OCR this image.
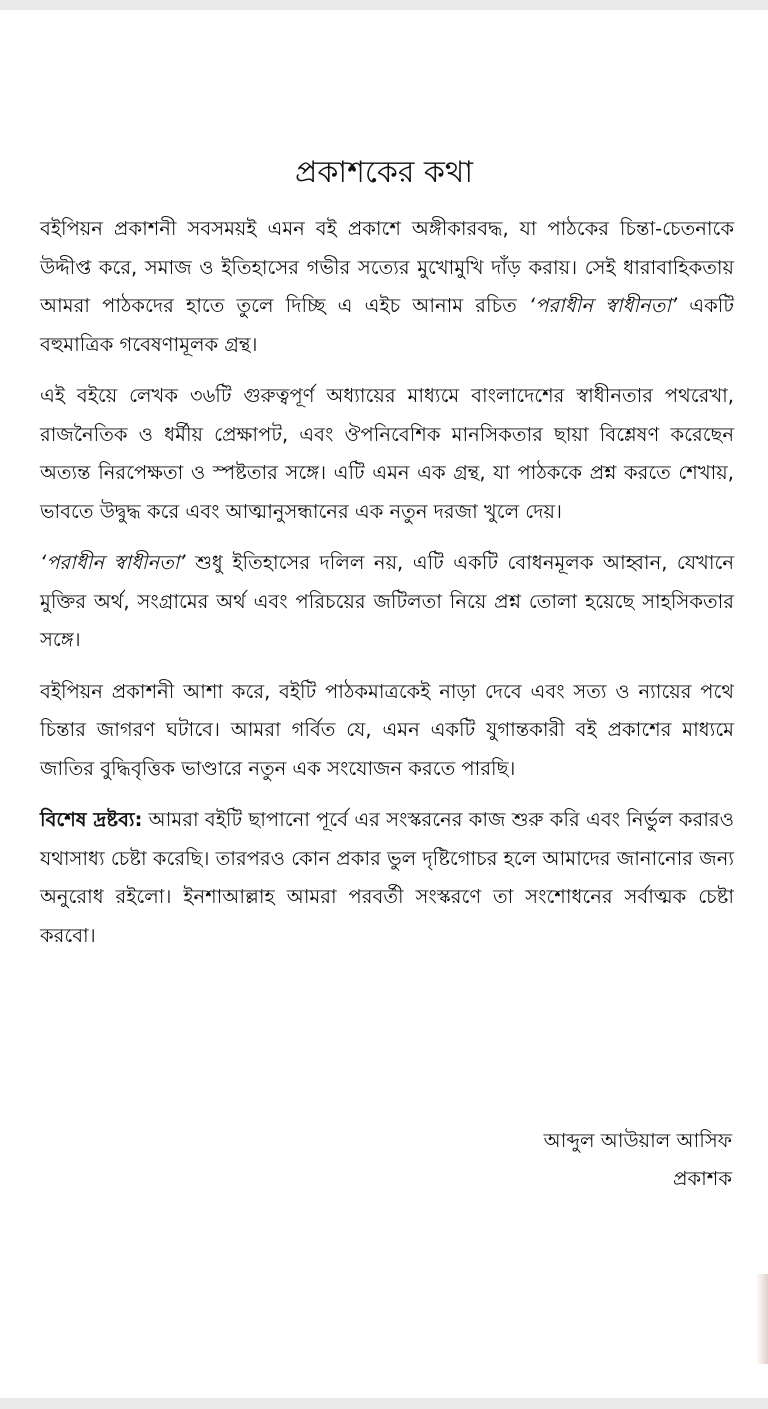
প্রকাশকের কথা

বইপিয়ন প্রকাশনী সবসময়ই এমন বই প্রকাশে অঙ্গীকারবদ্ধ, যা পাঠকের চিন্তা-চেতনাকে উদ্দীপ্ত করে, সমাজ ও ইতিহাসের গভীর সত্যের মুখোমুখি দাঁড় করায়। সেই ধারাবাহিকতায় আমরা পাঠকদের হাতে তুলে দিচ্ছি এ এইচ আনাম রচিত ‘পরাধীন স্বাধীনতা’ একটি বহুমাত্রিক গবেষণামূলক গ্রন্থ।

এই বইয়ে লেখক ৩৬টি গুরুত্বপূর্ণ অধ্যায়ের মাধ্যমে বাংলাদেশের স্বাধীনতার পথরেখা, রাজনৈতিক ও ধর্মীয় প্রেক্ষাপট, এবং ঔপনিবেশিক মানসিকতার ছায়া বিশ্লেষণ করেছেন অত্যন্ত নিরপেক্ষতা ও স্পষ্টতার সঙ্গে। এটি এমন এক গ্রন্থ, যা পাঠককে প্রশ্ন করতে শেখায়, ভাবতে উদ্বুদ্ধ করে এবং আত্মানুসন্ধানের এক নতুন দরজা খুলে দেয়।

‘পরাধীন স্বাধীনতা’ শুধু ইতিহাসের দলিল নয়, এটি একটি বোধনমূলক আহ্বান, যেখানে মুক্তির অর্থ, সংগ্রামের অর্থ এবং পরিচয়ের জটিলতা নিয়ে প্রশ্ন তোলা হয়েছে সাহসিকতার সঙ্গে।

বইপিয়ন প্রকাশনী আশা করে, বইটি পাঠকমাত্রকেই নাড়া দেবে এবং সত্য ও ন্যায়ের পথে চিন্তার জাগরণ ঘটাবে। আমরা গর্বিত যে, এমন একটি যুগান্তকারী বই প্রকাশের মাধ্যমে জাতির বুদ্ধিবৃত্তিক ভাণ্ডারে নতুন এক সংযোজন করতে পারছি।

বিশেষ দ্রষ্টব্য: আমরা বইটি ছাপানো পূর্বে এর সংস্করনের কাজ শুরু করি এবং নির্ভুল করারও যথাসাধ্য চেষ্টা করেছি। তারপরও কোন প্রকার ভুল দৃষ্টিগোচর হলে আমাদের জানানোর জন্য অনুরোধ রইলো। ইনশাআল্লাহ আমরা পরবর্তী সংস্করণে তা সংশোধনের সর্বাত্মক চেষ্টা করবো।

আব্দুল আউয়াল আসিফ
প্রকাশক
